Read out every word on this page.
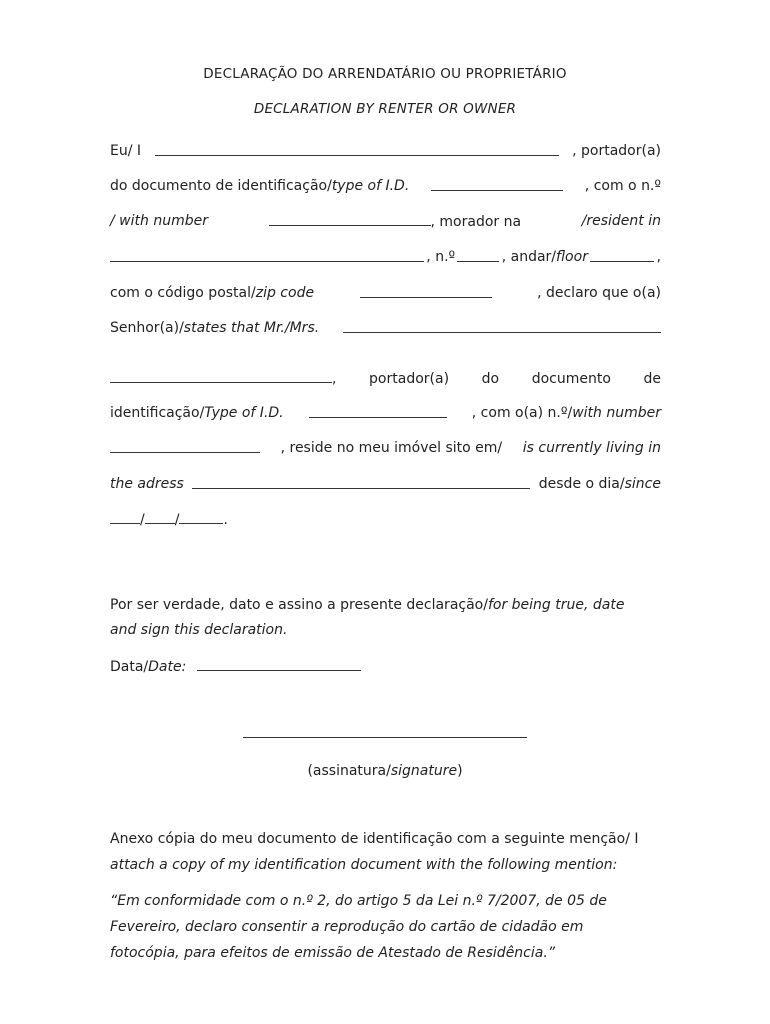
DECLARAÇÃO DO ARRENDATÁRIO OU PROPRIETÁRIO
DECLARATION BY RENTER OR OWNER
Eu/ I	, portador(a)
do documento de identificação/type of I.D.	, com o n.º
/ with number	, morador na	/resident in
, n.º	, andar/floor	,
com o código postal/zip code	, declaro que o(a)
Senhor(a)/states that Mr./Mrs.
, portador(a) do documento de
identificação/Type of I.D.	, com o(a) n.º/with number
, reside no meu imóvel sito em/ is currently living in
the adress	desde o dia/since
/ /	.
Por ser verdade, dato e assino a presente declaração/for being true, date
and sign this declaration.
Data/Date:
(assinatura/signature)
Anexo cópia do meu documento de identificação com a seguinte menção/ I
attach a copy of my identification document with the following mention:
“Em conformidade com o n.º 2, do artigo 5 da Lei n.º 7/2007, de 05 de
Fevereiro, declaro consentir a reprodução do cartão de cidadão em
fotocópia, para efeitos de emissão de Atestado de Residência.”
